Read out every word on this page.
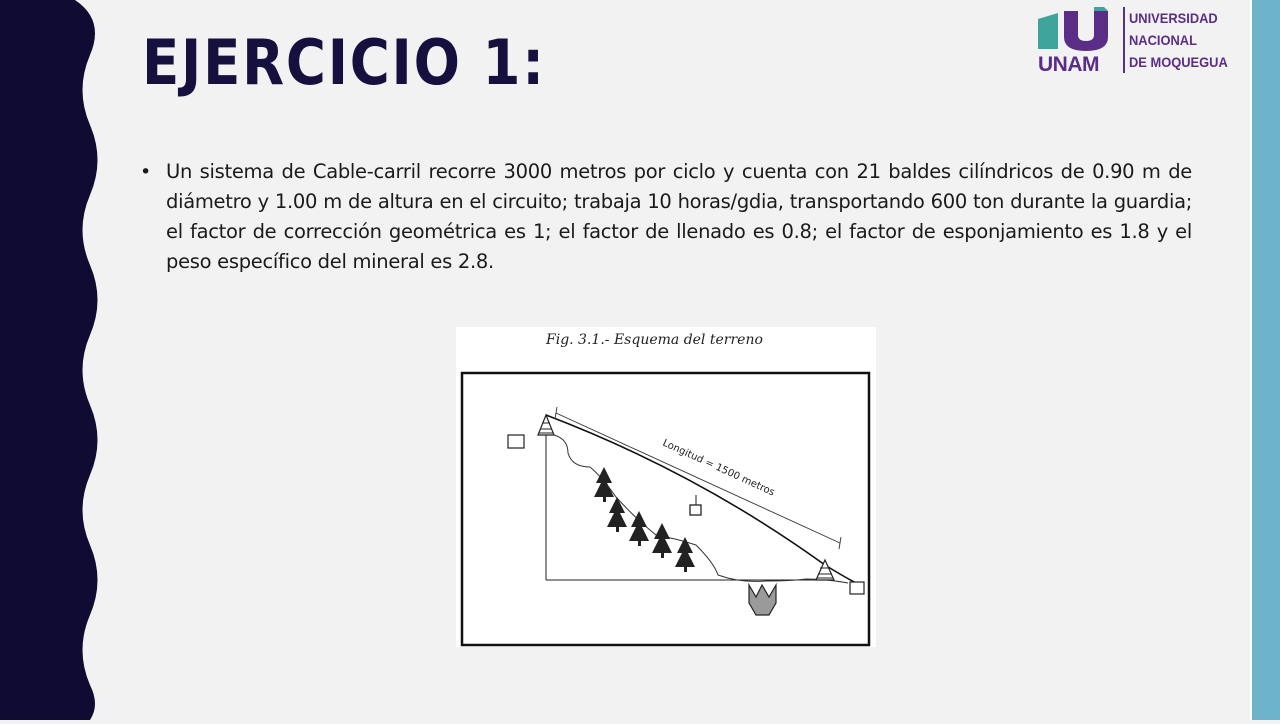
EJERCICIO 1:	UNAM
UNIVERSIDAD
NACIONAL
DE MOQUEGUA
• Un sistema de Cable-carril recorre 3000 metros por ciclo y cuenta con 21 baldes cilíndricos de 0.90 m de diámetro y 1.00 m de altura en el circuito; trabaja 10 horas/gdia, transportando 600 ton durante la guardia; el factor de corrección geométrica es 1; el factor de llenado es 0.8; el factor de esponjamiento es 1.8 y el peso específico del mineral es 2.8.

Fig. 3.1.- Esquema del terreno
Longitud = 1500 metros
